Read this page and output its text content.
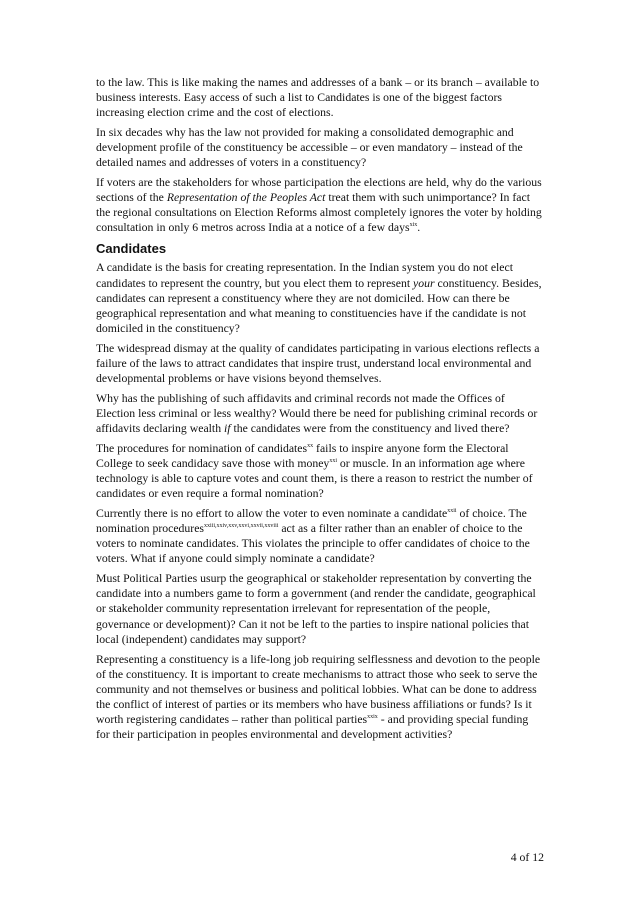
to the law. This is like making the names and addresses of a bank – or its branch – available to business interests. Easy access of such a list to Candidates is one of the biggest factors increasing election crime and the cost of elections.

In six decades why has the law not provided for making a consolidated demographic and development profile of the constituency be accessible – or even mandatory – instead of the detailed names and addresses of voters in a constituency?

If voters are the stakeholders for whose participation the elections are held, why do the various sections of the Representation of the Peoples Act treat them with such unimportance? In fact the regional consultations on Election Reforms almost completely ignores the voter by holding consultation in only 6 metros across India at a notice of a few days$^{xix}$.

Candidates

A candidate is the basis for creating representation. In the Indian system you do not elect candidates to represent the country, but you elect them to represent your constituency. Besides, candidates can represent a constituency where they are not domiciled. How can there be geographical representation and what meaning to constituencies have if the candidate is not domiciled in the constituency?

The widespread dismay at the quality of candidates participating in various elections reflects a failure of the laws to attract candidates that inspire trust, understand local environmental and developmental problems or have visions beyond themselves.

Why has the publishing of such affidavits and criminal records not made the Offices of Election less criminal or less wealthy? Would there be need for publishing criminal records or affidavits declaring wealth if the candidates were from the constituency and lived there?

The procedures for nomination of candidates$^{xx}$ fails to inspire anyone form the Electoral College to seek candidacy save those with money$^{xxi}$ or muscle. In an information age where technology is able to capture votes and count them, is there a reason to restrict the number of candidates or even require a formal nomination?

Currently there is no effort to allow the voter to even nominate a candidate$^{xxii}$ of choice. The nomination procedures$^{xxiii,xxiv,xxv,xxvi,xxvii,xxviii}$ act as a filter rather than an enabler of choice to the voters to nominate candidates. This violates the principle to offer candidates of choice to the voters. What if anyone could simply nominate a candidate?

Must Political Parties usurp the geographical or stakeholder representation by converting the candidate into a numbers game to form a government (and render the candidate, geographical or stakeholder community representation irrelevant for representation of the people, governance or development)? Can it not be left to the parties to inspire national policies that local (independent) candidates may support?

Representing a constituency is a life-long job requiring selflessness and devotion to the people of the constituency. It is important to create mechanisms to attract those who seek to serve the community and not themselves or business and political lobbies. What can be done to address the conflict of interest of parties or its members who have business affiliations or funds? Is it worth registering candidates – rather than political parties$^{xxix}$ - and providing special funding for their participation in peoples environmental and development activities?

4 of 12
